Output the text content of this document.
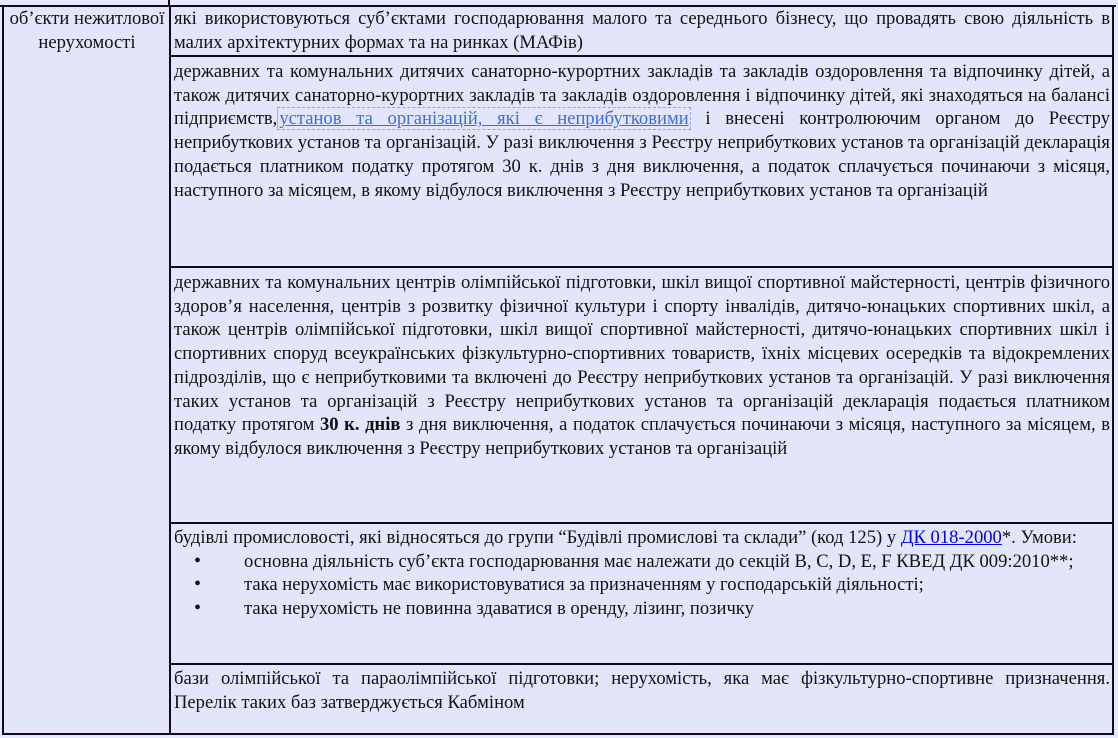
об’єкти нежитлової нерухомості	
які використовуються суб’єктами господарювання малого та середнього бізнесу, що провадять свою діяльність в малих архітектурних формах та на ринках (МАФів)

державних та комунальних дитячих санаторно-курортних закладів та закладів оздоровлення та відпочинку дітей, а також дитячих санаторно-курортних закладів та закладів оздоровлення і відпочинку дітей, які знаходяться на балансі підприємств, установ та організацій, які є неприбутковими і внесені контролюючим органом до Реєстру неприбуткових установ та організацій. У разі виключення з Реєстру неприбуткових установ та організацій декларація подається платником податку протягом 30 к. днів з дня виключення, а податок сплачується починаючи з місяця, наступного за місяцем, в якому відбулося виключення з Реєстру неприбуткових установ та організацій

державних та комунальних центрів олімпійської підготовки, шкіл вищої спортивної майстерності, центрів фізичного здоров’я населення, центрів з розвитку фізичної культури і спорту інвалідів, дитячо-юнацьких спортивних шкіл, а також центрів олімпійської підготовки, шкіл вищої спортивної майстерності, дитячо-юнацьких спортивних шкіл і спортивних споруд всеукраїнських фізкультурно-спортивних товариств, їхніх місцевих осередків та відокремлених підрозділів, що є неприбутковими та включені до Реєстру неприбуткових установ та організацій. У разі виключення таких установ та організацій з Реєстру неприбуткових установ та організацій декларація подається платником податку протягом 30 к. днів з дня виключення, а податок сплачується починаючи з місяця, наступного за місяцем, в якому відбулося виключення з Реєстру неприбуткових установ та організацій

будівлі промисловості, які відносяться до групи “Будівлі промислові та склади” (код 125) у ДК 018-2000*. Умови:
• основна діяльність суб’єкта господарювання має належати до секцій B, C, D, E, F КВЕД ДК 009:2010**;
• така нерухомість має використовуватися за призначенням у господарській діяльності;
• така нерухомість не повинна здаватися в оренду, лізинг, позичку

бази олімпійської та параолімпійської підготовки; нерухомість, яка має фізкультурно-спортивне призначення. Перелік таких баз затверджується Кабміном
